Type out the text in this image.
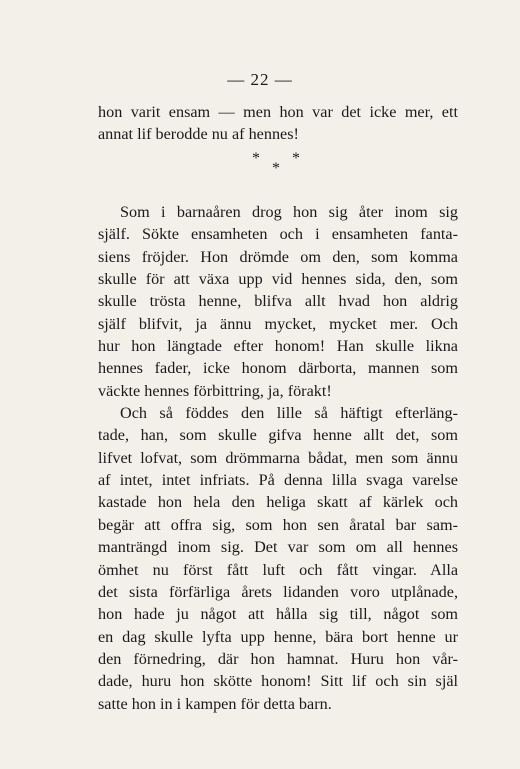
— 22 —
hon varit ensam — men hon var det icke mer, ett
annat lif berodde nu af hennes!
*
*
*
Som i barnaåren drog hon sig åter inom sig
själf. Sökte ensamheten och i ensamheten fanta-
siens fröjder. Hon drömde om den, som komma
skulle för att växa upp vid hennes sida, den, som
skulle trösta henne, blifva allt hvad hon aldrig
själf blifvit, ja ännu mycket, mycket mer. Och
hur hon längtade efter honom! Han skulle likna
hennes fader, icke honom därborta, mannen som
väckte hennes förbittring, ja, förakt!
Och så föddes den lille så häftigt efterläng-
tade, han, som skulle gifva henne allt det, som
lifvet lofvat, som drömmarna bådat, men som ännu
af intet, intet infriats. På denna lilla svaga varelse
kastade hon hela den heliga skatt af kärlek och
begär att offra sig, som hon sen åratal bar sam-
manträngd inom sig. Det var som om all hennes
ömhet nu först fått luft och fått vingar. Alla
det sista förfärliga årets lidanden voro utplånade,
hon hade ju något att hålla sig till, något som
en dag skulle lyfta upp henne, bära bort henne ur
den förnedring, där hon hamnat. Huru hon vår-
dade, huru hon skötte honom! Sitt lif och sin själ
satte hon in i kampen för detta barn.
